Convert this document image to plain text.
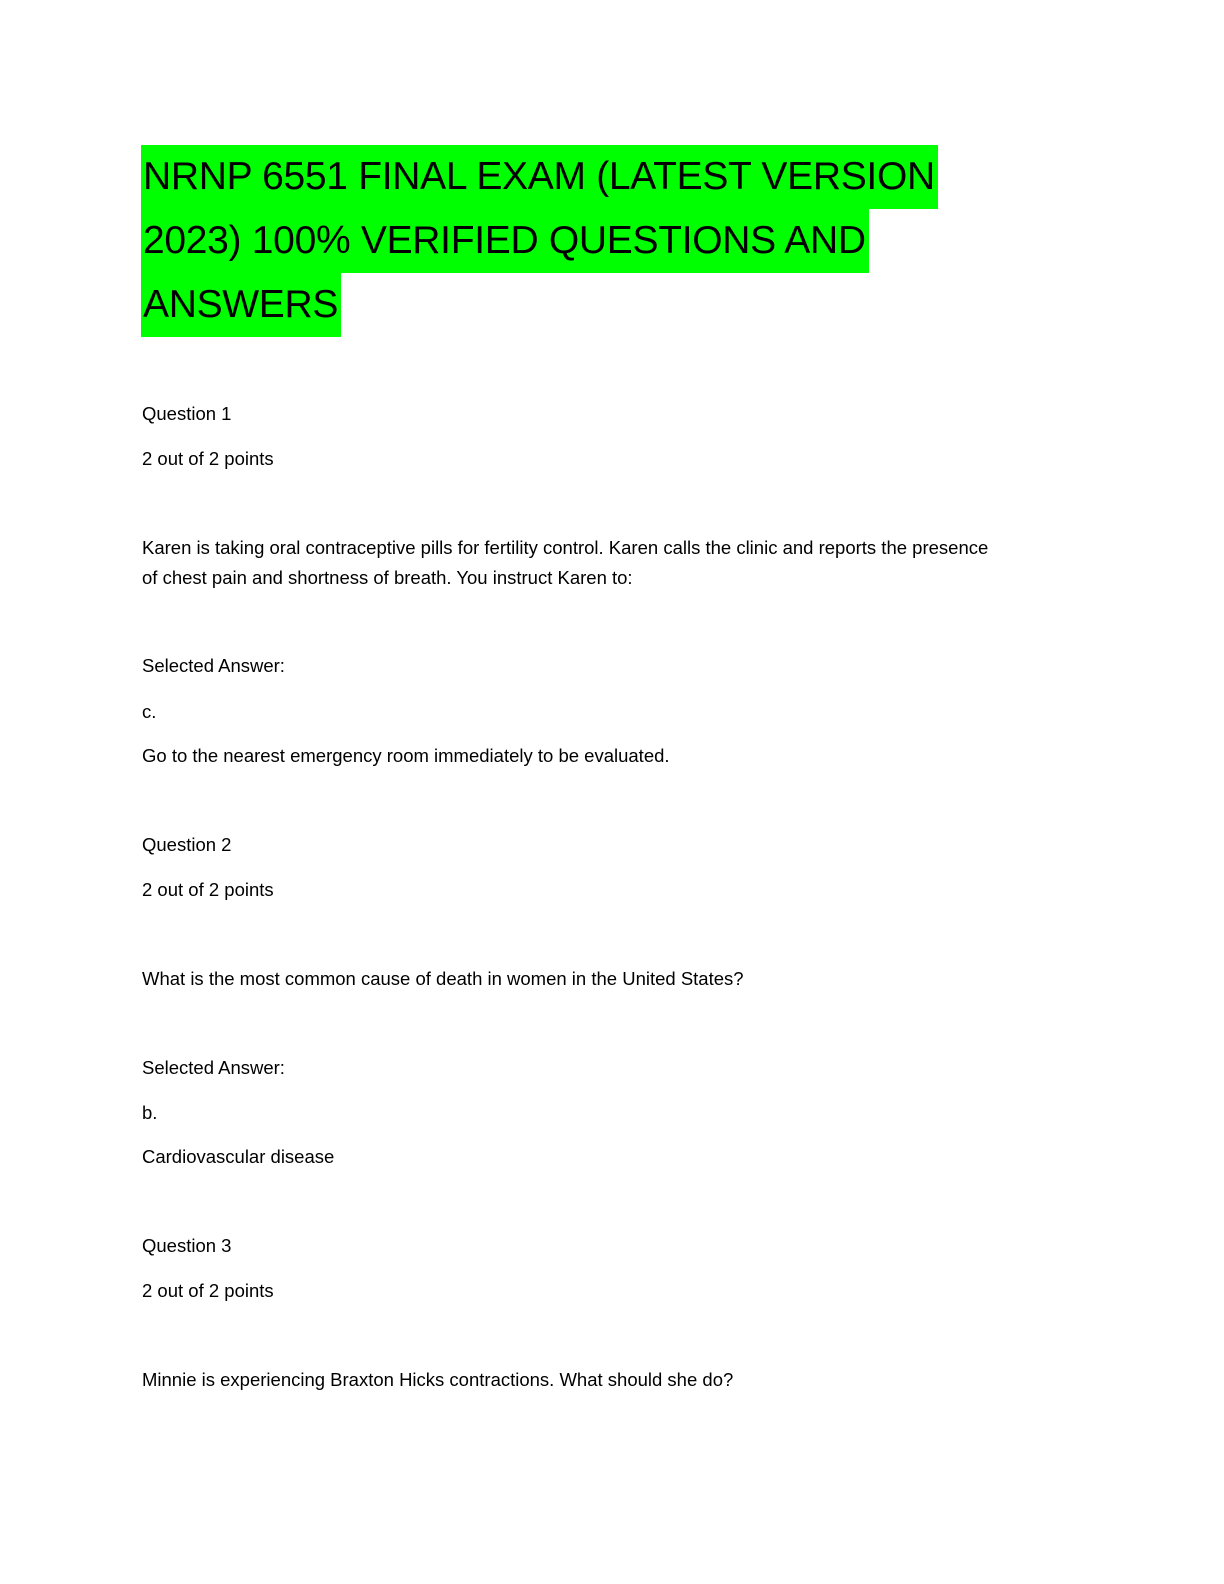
NRNP 6551 FINAL EXAM (LATEST VERSION
2023) 100% VERIFIED QUESTIONS AND
ANSWERS

Question 1

2 out of 2 points

Karen is taking oral contraceptive pills for fertility control. Karen calls the clinic and reports the presence

of chest pain and shortness of breath. You instruct Karen to:

Selected Answer:

c.

Go to the nearest emergency room immediately to be evaluated.

Question 2

2 out of 2 points

What is the most common cause of death in women in the United States?

Selected Answer:

b.

Cardiovascular disease

Question 3

2 out of 2 points

Minnie is experiencing Braxton Hicks contractions. What should she do?
